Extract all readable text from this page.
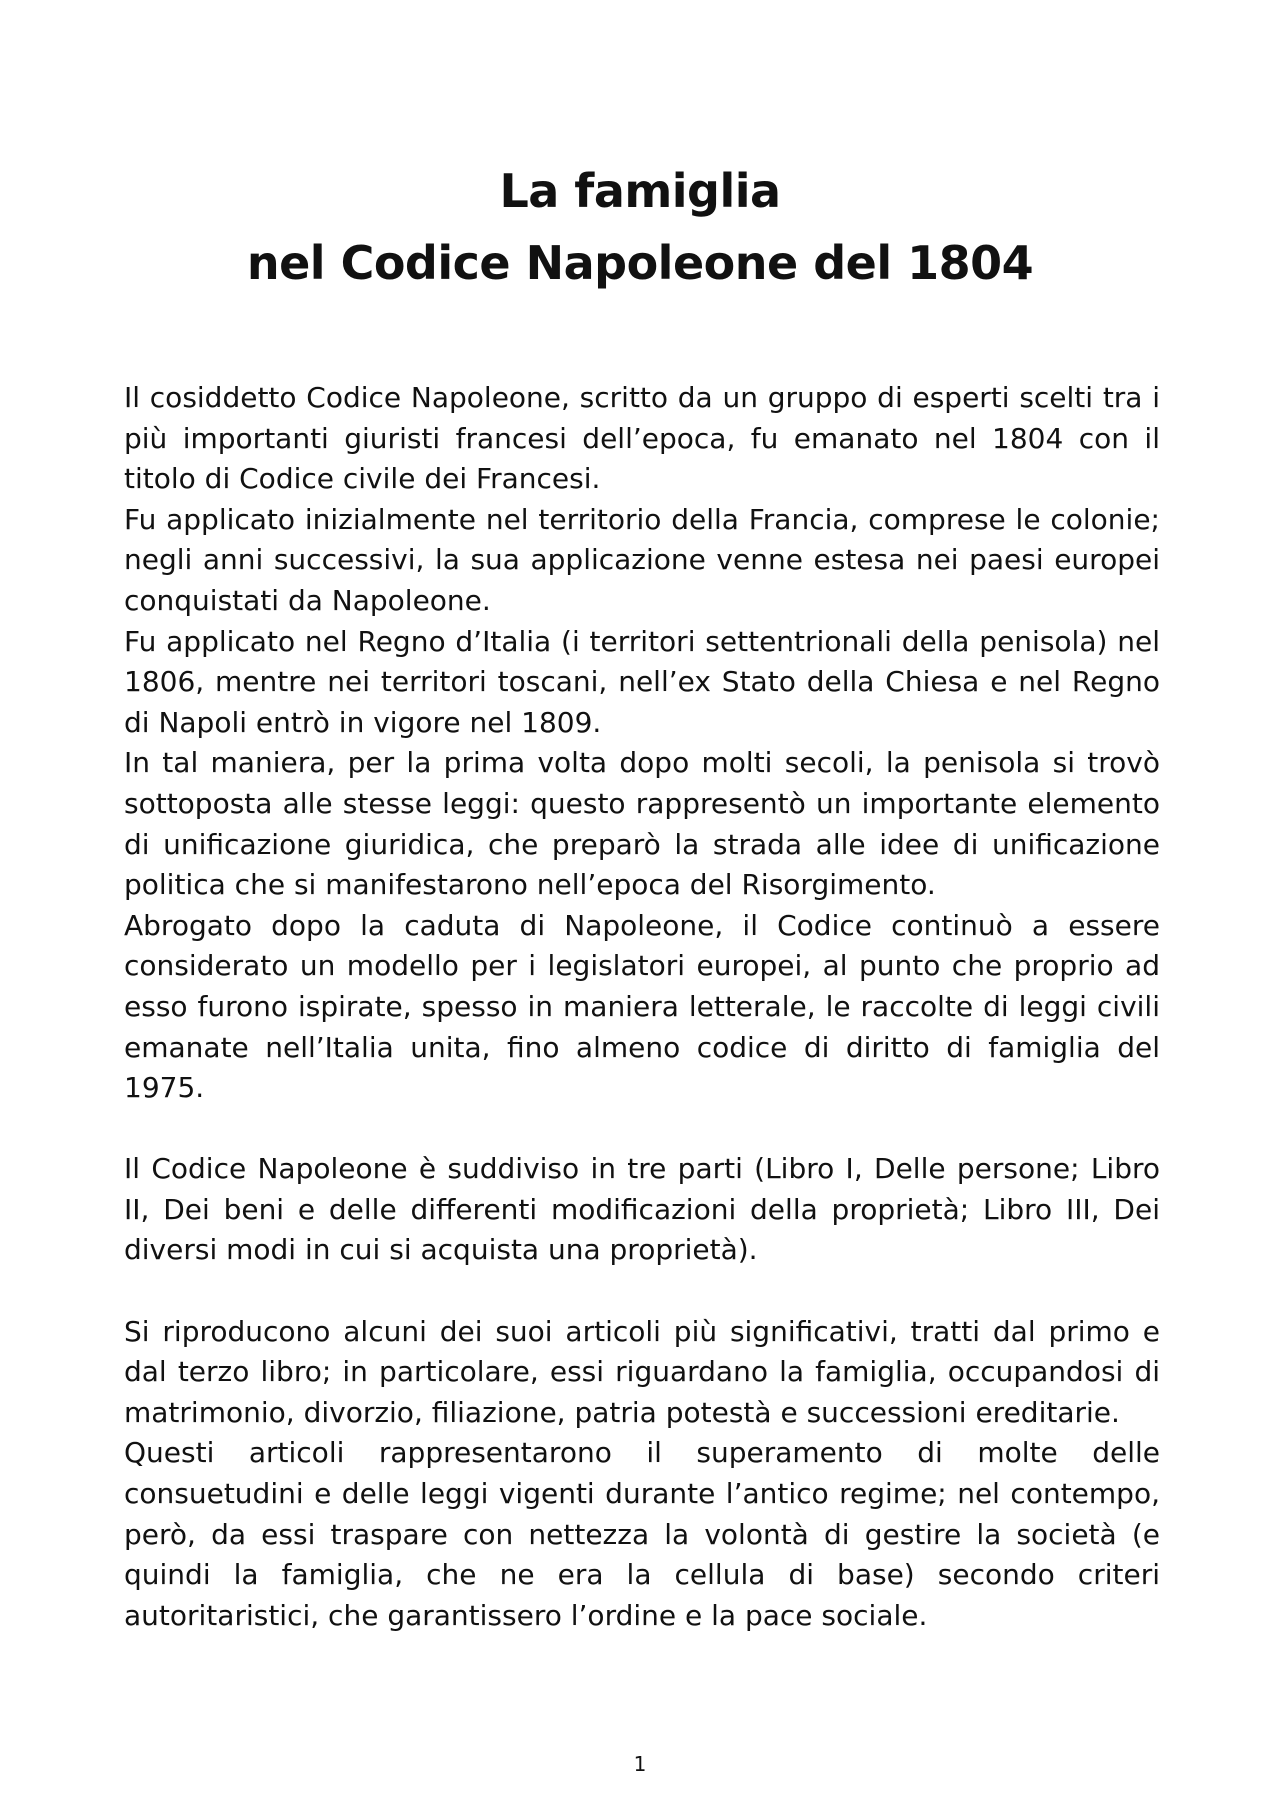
La famiglia
nel Codice Napoleone del 1804

Il cosiddetto Codice Napoleone, scritto da un gruppo di esperti scelti tra i più importanti giuristi francesi dell’epoca, fu emanato nel 1804 con il titolo di Codice civile dei Francesi.

Fu applicato inizialmente nel territorio della Francia, comprese le colonie; negli anni successivi, la sua applicazione venne estesa nei paesi europei conquistati da Napoleone.

Fu applicato nel Regno d’Italia (i territori settentrionali della penisola) nel 1806, mentre nei territori toscani, nell’ex Stato della Chiesa e nel Regno di Napoli entrò in vigore nel 1809.

In tal maniera, per la prima volta dopo molti secoli, la penisola si trovò sottoposta alle stesse leggi: questo rappresentò un importante elemento di unificazione giuridica, che preparò la strada alle idee di unificazione politica che si manifestarono nell’epoca del Risorgimento.

Abrogato dopo la caduta di Napoleone, il Codice continuò a essere considerato un modello per i legislatori europei, al punto che proprio ad esso furono ispirate, spesso in maniera letterale, le raccolte di leggi civili emanate nell’Italia unita, fino almeno codice di diritto di famiglia del 1975.

Il Codice Napoleone è suddiviso in tre parti (Libro I, Delle persone; Libro II, Dei beni e delle differenti modificazioni della proprietà; Libro III, Dei diversi modi in cui si acquista una proprietà).

Si riproducono alcuni dei suoi articoli più significativi, tratti dal primo e dal terzo libro; in particolare, essi riguardano la famiglia, occupandosi di matrimonio, divorzio, filiazione, patria potestà e successioni ereditarie.

Questi articoli rappresentarono il superamento di molte delle consuetudini e delle leggi vigenti durante l’antico regime; nel contempo, però, da essi traspare con nettezza la volontà di gestire la società (e quindi la famiglia, che ne era la cellula di base) secondo criteri autoritaristici, che garantissero l’ordine e la pace sociale.

1
